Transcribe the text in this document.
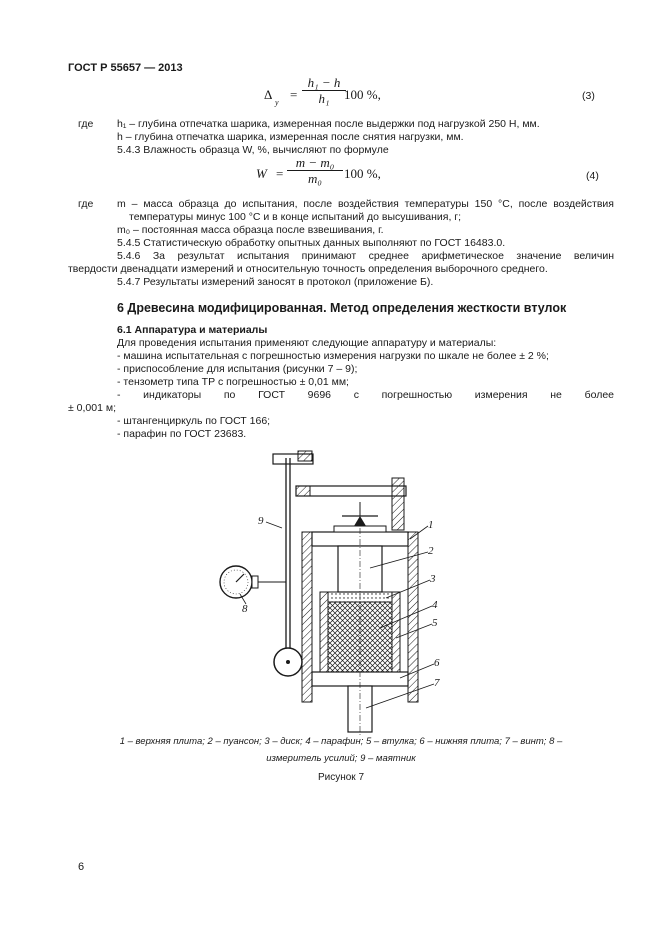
ГОСТ Р 55657 — 2013
Δ
у
= $\frac{\text{h₁ − h}}{\text{h₁}}$
100 %,	(3)
где h₁ – глубина отпечатка шарика, измеренная после выдержки под нагрузкой 250 Н, мм.
h – глубина отпечатка шарика, измеренная после снятия нагрузки, мм.
5.4.3 Влажность образца W, %, вычисляют по формуле
$W = \frac{\text{m − m₀}}{\text{m₀}} 100$ %,	(4)
где m – масса образца до испытания, после воздействия температуры 150 °С, после воздействия
температуры минус 100 °С и в конце испытаний до высушивания, г;
m₀ – постоянная масса образца после взвешивания, г.
5.4.5 Статистическую обработку опытных данных выполняют по ГОСТ 16483.0.
5.4.6 За результат испытания принимают среднее арифметическое значение величин
твердости двенадцати измерений и относительную точность определения выборочного среднего.
5.4.7 Результаты измерений заносят в протокол (приложение Б).
6 Древесина модифицированная. Метод определения жесткости втулок
6.1 Аппаратура и материалы
Для проведения испытания применяют следующие аппаратуру и материалы:
- машина испытательная с погрешностью измерения нагрузки по шкале не более ± 2 %;
- приспособление для испытания (рисунки 7 – 9);
- тензометр типа ТР с погрешностью ± 0,01 мм;
- индикаторы по ГОСТ 9696 с погрешностью измерения не более
± 0,001 м;
- штангенциркуль по ГОСТ 166;
- парафин по ГОСТ 23683.
1
2
3
4
5
6
7
8
9
1 – верхняя плита; 2 – пуансон; 3 – диск; 4 – парафин; 5 – втулка; 6 – нижняя плита; 7 – винт; 8 –
измеритель усилий; 9 – маятник
Рисунок 7
6
